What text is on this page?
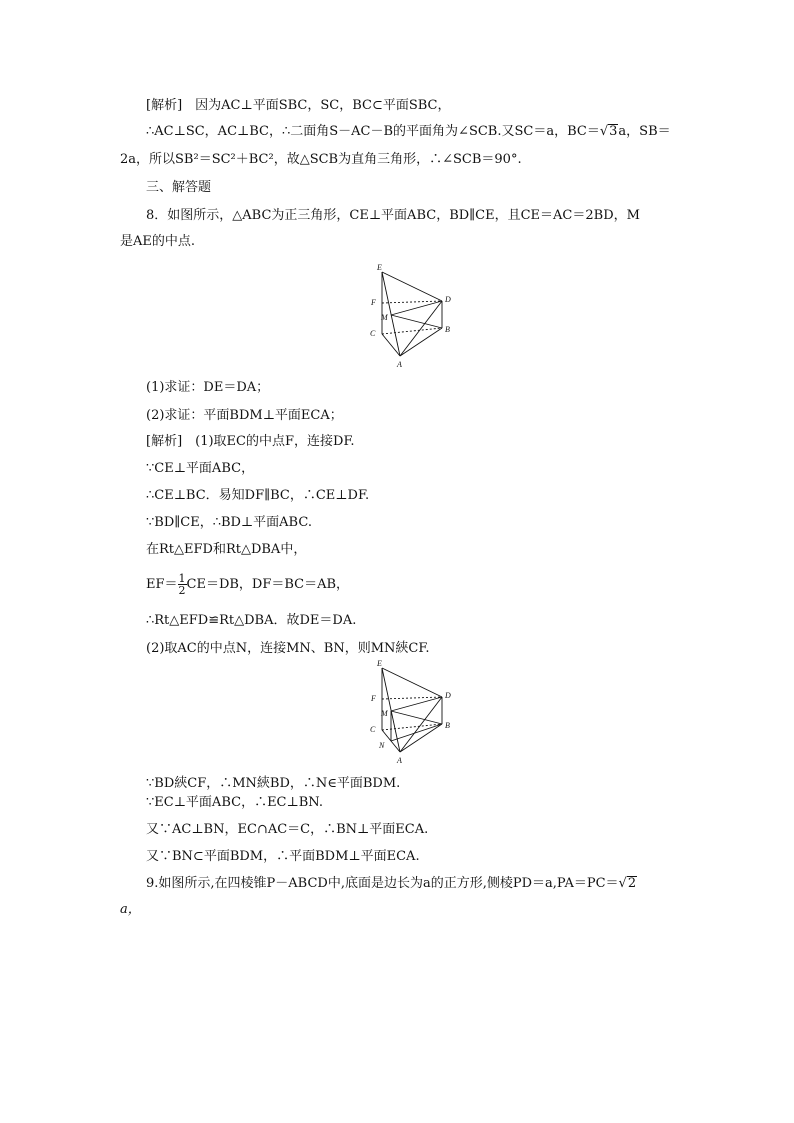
[解析]　因为AC⊥平面SBC，SC，BC⊂平面SBC，
∴AC⊥SC，AC⊥BC，∴二面角S－AC－B的平面角为∠SCB.又SC＝a，BC＝√3a，SB＝
2a，所以SB²＝SC²＋BC²，故△SCB为直角三角形，∴∠SCB＝90°.
三、解答题
8．如图所示，△ABC为正三角形，CE⊥平面ABC，BD∥CE，且CE＝AC＝2BD，M
是AE的中点.
E
F
M
D
C	B
A
(1)求证：DE＝DA；
(2)求证：平面BDM⊥平面ECA；
[解析]　(1)取EC的中点F，连接DF.
∵CE⊥平面ABC，
∴CE⊥BC．易知DF∥BC，∴CE⊥DF.
∵BD∥CE，∴BD⊥平面ABC.
在Rt△EFD和Rt△DBA中，
$EF= \frac{1}{2} CE=DB$，DF＝BC＝AB，
∴Rt△EFD≌Rt△DBA．故DE＝DA.
(2)取AC的中点N，连接MN、BN，则MN綊CF.
E
F
M
D
C
N
B
A
∵BD綊CF，∴MN綊BD，∴N∈平面BDM.
∵EC⊥平面ABC，∴EC⊥BN.
又∵AC⊥BN，EC∩AC＝C，∴BN⊥平面ECA.
又∵BN⊂平面BDM，∴平面BDM⊥平面ECA.
9.如图所示,在四棱锥P－ABCD中,底面是边长为a的正方形,侧棱PD＝a,PA＝PC＝√2
a，
